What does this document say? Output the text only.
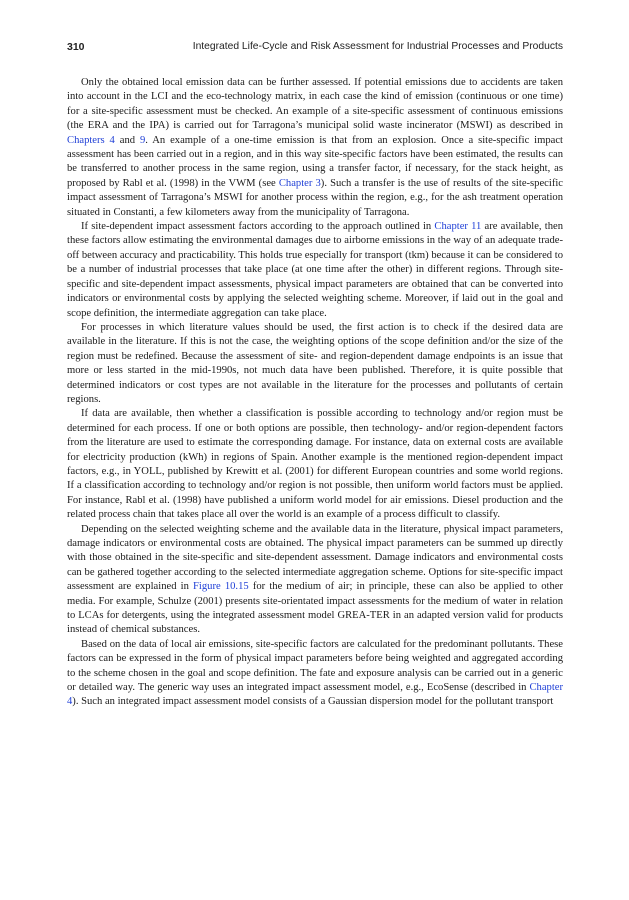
310	Integrated Life-Cycle and Risk Assessment for Industrial Processes and Products

Only the obtained local emission data can be further assessed. If potential emissions due to accidents are taken into account in the LCI and the eco-technology matrix, in each case the kind of emission (continuous or one time) for a site-specific assessment must be checked. An example of a site-specific assessment of continuous emissions (the ERA and the IPA) is carried out for Tarragona’s municipal solid waste incinerator (MSWI) as described in Chapters 4 and 9. An example of a one-time emission is that from an explosion. Once a site-specific impact assessment has been carried out in a region, and in this way site-specific factors have been estimated, the results can be transferred to another process in the same region, using a transfer factor, if necessary, for the stack height, as proposed by Rabl et al. (1998) in the VWM (see Chapter 3). Such a transfer is the use of results of the site-specific impact assessment of Tarragona’s MSWI for another process within the region, e.g., for the ash treatment operation situated in Constanti, a few kilometers away from the municipality of Tarragona.

If site-dependent impact assessment factors according to the approach outlined in Chapter 11 are available, then these factors allow estimating the environmental damages due to airborne emissions in the way of an adequate trade-off between accuracy and practicability. This holds true especially for transport (tkm) because it can be considered to be a number of industrial processes that take place (at one time after the other) in different regions. Through site-specific and site-dependent impact assessments, physical impact parameters are obtained that can be converted into indicators or environmental costs by applying the selected weighting scheme. Moreover, if laid out in the goal and scope definition, the intermediate aggregation can take place.

For processes in which literature values should be used, the first action is to check if the desired data are available in the literature. If this is not the case, the weighting options of the scope definition and/or the size of the region must be redefined. Because the assessment of site- and region-dependent damage endpoints is an issue that more or less started in the mid-1990s, not much data have been published. Therefore, it is quite possible that determined indicators or cost types are not available in the literature for the processes and pollutants of certain regions.

If data are available, then whether a classification is possible according to technology and/or region must be determined for each process. If one or both options are possible, then technology- and/or region-dependent factors from the literature are used to estimate the corresponding damage. For instance, data on external costs are available for electricity production (kWh) in regions of Spain. Another example is the mentioned region-dependent impact factors, e.g., in YOLL, published by Krewitt et al. (2001) for different European countries and some world regions. If a classification according to technology and/or region is not possible, then uniform world factors must be applied. For instance, Rabl et al. (1998) have published a uniform world model for air emissions. Diesel production and the related process chain that takes place all over the world is an example of a process difficult to classify.

Depending on the selected weighting scheme and the available data in the literature, physical impact parameters, damage indicators or environmental costs are obtained. The physical impact parameters can be summed up directly with those obtained in the site-specific and site-dependent assessment. Damage indicators and environmental costs can be gathered together according to the selected intermediate aggregation scheme. Options for site-specific impact assessment are explained in Figure 10.15 for the medium of air; in principle, these can also be applied to other media. For example, Schulze (2001) presents site-orientated impact assessments for the medium of water in relation to LCAs for detergents, using the integrated assessment model GREA-TER in an adapted version valid for products instead of chemical substances.

Based on the data of local air emissions, site-specific factors are calculated for the predominant pollutants. These factors can be expressed in the form of physical impact parameters before being weighted and aggregated according to the scheme chosen in the goal and scope definition. The fate and exposure analysis can be carried out in a generic or detailed way. The generic way uses an integrated impact assessment model, e.g., EcoSense (described in Chapter 4). Such an integrated impact assessment model consists of a Gaussian dispersion model for the pollutant transport
